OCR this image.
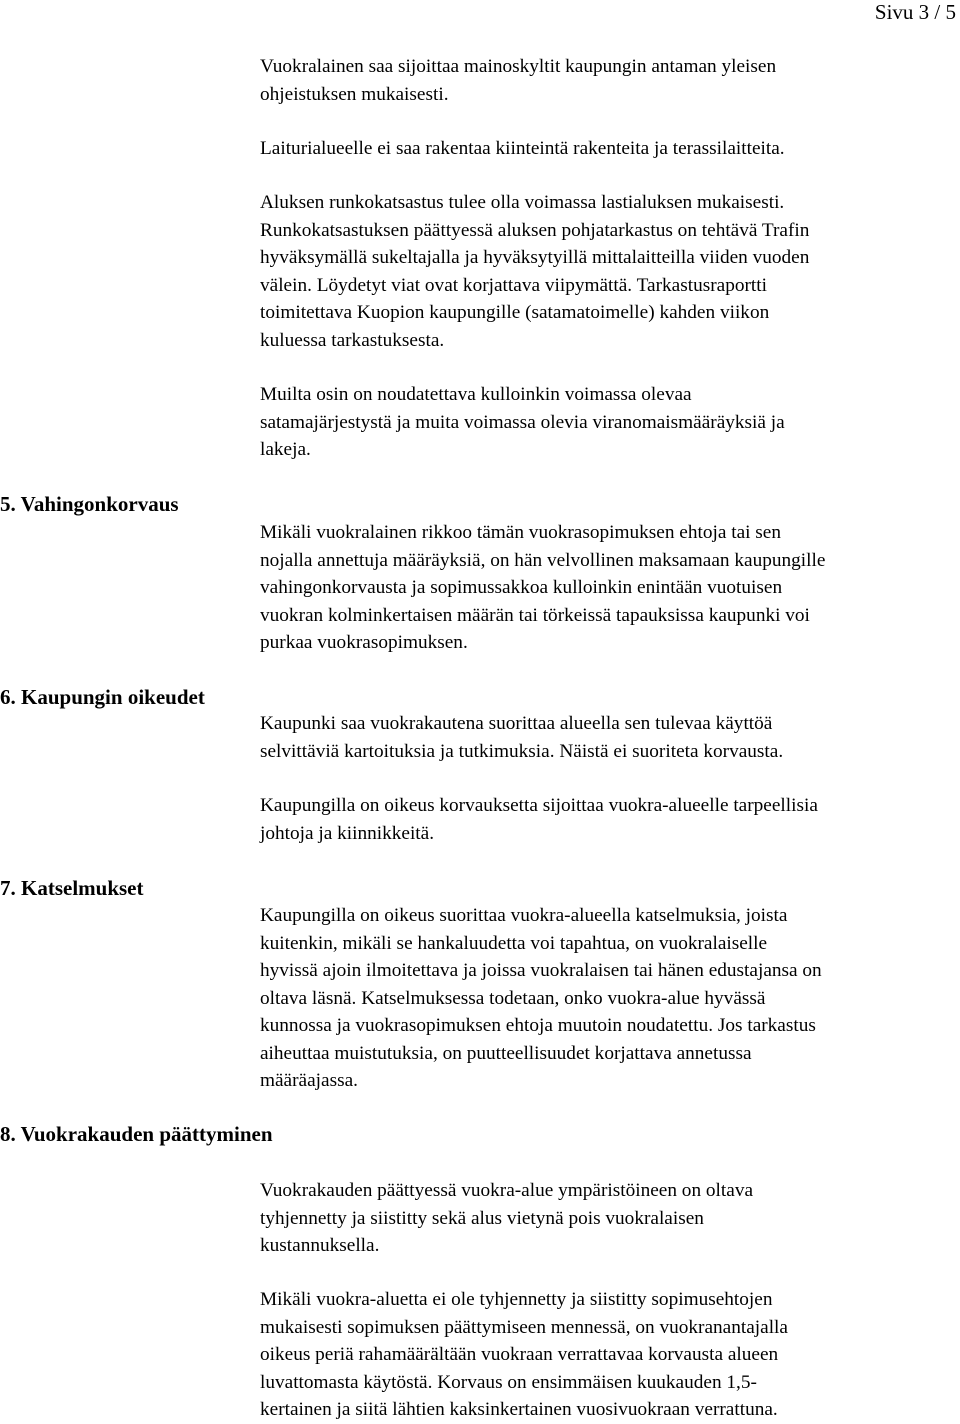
Sivu 3 / 5

Vuokralainen saa sijoittaa mainoskyltit kaupungin antaman yleisen
ohjeistuksen mukaisesti.

Laiturialueelle ei saa rakentaa kiinteintä rakenteita ja terassilaitteita.

Aluksen runkokatsastus tulee olla voimassa lastialuksen mukaisesti.
Runkokatsastuksen päättyessä aluksen pohjatarkastus on tehtävä Trafin
hyväksymällä sukeltajalla ja hyväksytyillä mittalaitteilla viiden vuoden
välein. Löydetyt viat ovat korjattava viipymättä. Tarkastusraportti
toimitettava Kuopion kaupungille (satamatoimelle) kahden viikon
kuluessa tarkastuksesta.

Muilta osin on noudatettava kulloinkin voimassa olevaa
satamajärjestystä ja muita voimassa olevia viranomaismääräyksiä ja
lakeja.

5. Vahingonkorvaus

Mikäli vuokralainen rikkoo tämän vuokrasopimuksen ehtoja tai sen
nojalla annettuja määräyksiä, on hän velvollinen maksamaan kaupungille
vahingonkorvausta ja sopimussakkoa kulloinkin enintään vuotuisen
vuokran kolminkertaisen määrän tai törkeissä tapauksissa kaupunki voi
purkaa vuokrasopimuksen.

6. Kaupungin oikeudet

Kaupunki saa vuokrakautena suorittaa alueella sen tulevaa käyttöä
selvittäviä kartoituksia ja tutkimuksia. Näistä ei suoriteta korvausta.

Kaupungilla on oikeus korvauksetta sijoittaa vuokra-alueelle tarpeellisia
johtoja ja kiinnikkeitä.

7. Katselmukset

Kaupungilla on oikeus suorittaa vuokra-alueella katselmuksia, joista
kuitenkin, mikäli se hankaluudetta voi tapahtua, on vuokralaiselle
hyvissä ajoin ilmoitettava ja joissa vuokralaisen tai hänen edustajansa on
oltava läsnä. Katselmuksessa todetaan, onko vuokra-alue hyvässä
kunnossa ja vuokrasopimuksen ehtoja muutoin noudatettu. Jos tarkastus
aiheuttaa muistutuksia, on puutteellisuudet korjattava annetussa
määräajassa.

8. Vuokrakauden päättyminen

Vuokrakauden päättyessä vuokra-alue ympäristöineen on oltava
tyhjennetty ja siistitty sekä alus vietynä pois vuokralaisen
kustannuksella.

Mikäli vuokra-aluetta ei ole tyhjennetty ja siistitty sopimusehtojen
mukaisesti sopimuksen päättymiseen mennessä, on vuokranantajalla
oikeus periä rahamäärältään vuokraan verrattavaa korvausta alueen
luvattomasta käytöstä. Korvaus on ensimmäisen kuukauden 1,5-
kertainen ja siitä lähtien kaksinkertainen vuosivuokraan verrattuna.
